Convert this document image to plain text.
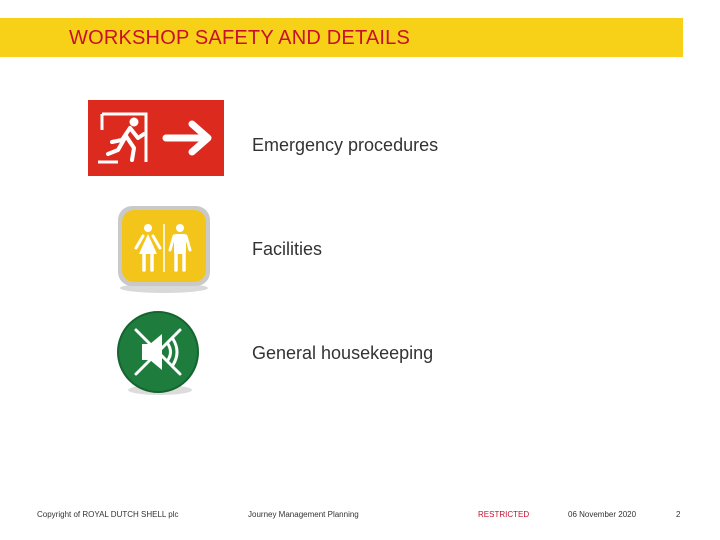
WORKSHOP SAFETY AND DETAILS
Emergency procedures
Facilities
General housekeeping
Copyright of ROYAL DUTCH SHELL plc	Journey Management Planning	RESTRICTED	06 November 2020	2
